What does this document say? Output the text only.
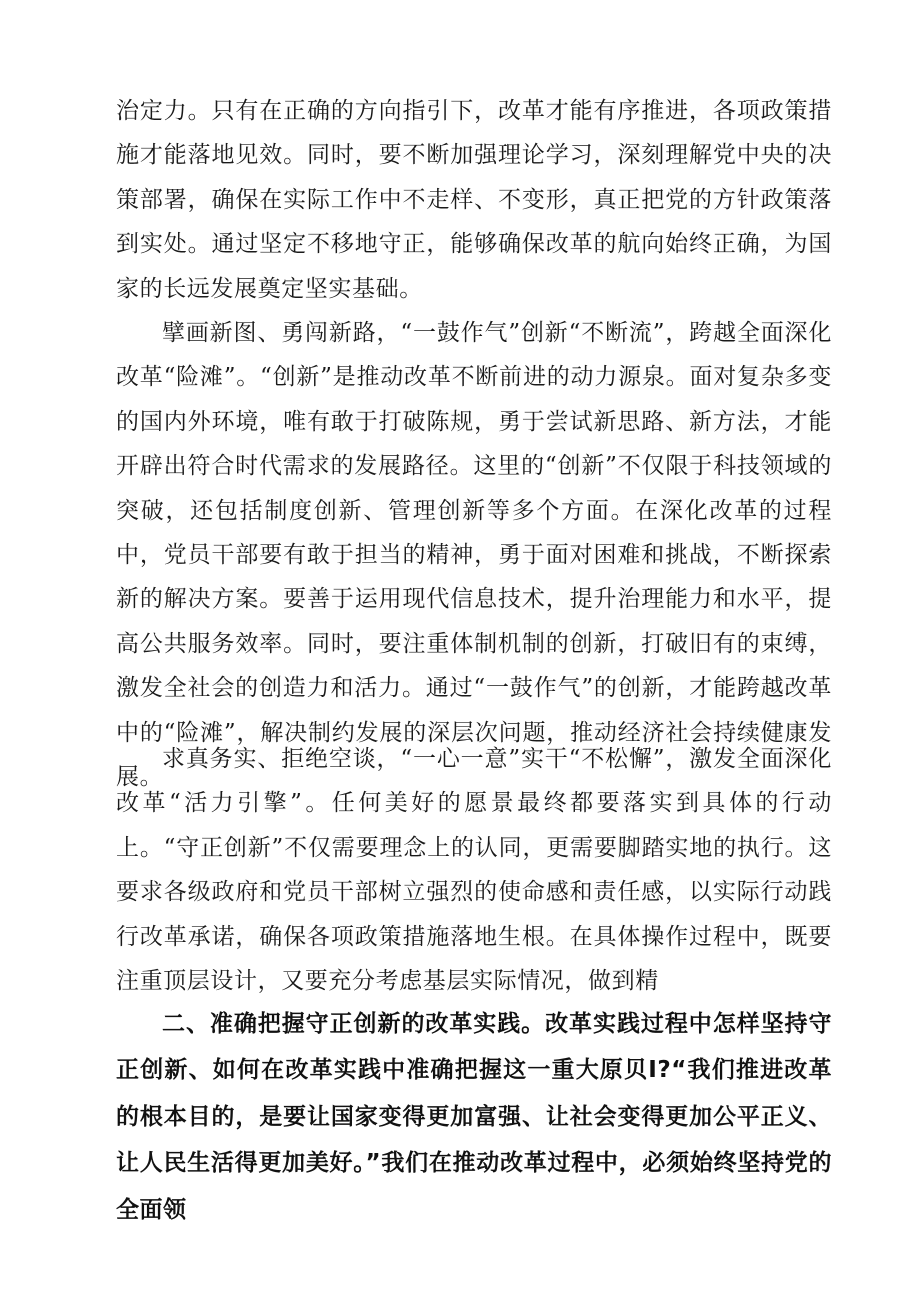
治定力。只有在正确的方向指引下，改革才能有序推进，各项政策措施才能落地见效。同时，要不断加强理论学习，深刻理解党中央的决策部署，确保在实际工作中不走样、不变形，真正把党的方针政策落到实处。通过坚定不移地守正，能够确保改革的航向始终正确，为国家的长远发展奠定坚实基础。

擘画新图、勇闯新路，“一鼓作气”创新“不断流”，跨越全面深化改革“险滩”。“创新”是推动改革不断前进的动力源泉。面对复杂多变的国内外环境，唯有敢于打破陈规，勇于尝试新思路、新方法，才能开辟出符合时代需求的发展路径。这里的“创新”不仅限于科技领域的突破，还包括制度创新、管理创新等多个方面。在深化改革的过程中，党员干部要有敢于担当的精神，勇于面对困难和挑战，不断探索新的解决方案。要善于运用现代信息技术，提升治理能力和水平，提高公共服务效率。同时，要注重体制机制的创新，打破旧有的束缚，激发全社会的创造力和活力。通过“一鼓作气”的创新，才能跨越改革中的“险滩”，解决制约发展的深层次问题，推动经济社会持续健康发展。

求真务实、拒绝空谈，“一心一意”实干“不松懈”，激发全面深化改革“活力引擎”。任何美好的愿景最终都要落实到具体的行动上。“守正创新”不仅需要理念上的认同，更需要脚踏实地的执行。这要求各级政府和党员干部树立强烈的使命感和责任感，以实际行动践行改革承诺，确保各项政策措施落地生根。在具体操作过程中，既要注重顶层设计，又要充分考虑基层实际情况，做到精

二、准确把握守正创新的改革实践。改革实践过程中怎样坚持守正创新、如何在改革实践中准确把握这一重大原贝I?“我们推进改革的根本目的，是要让国家变得更加富强、让社会变得更加公平正义、让人民生活得更加美好。”我们在推动改革过程中，必须始终坚持党的全面领
